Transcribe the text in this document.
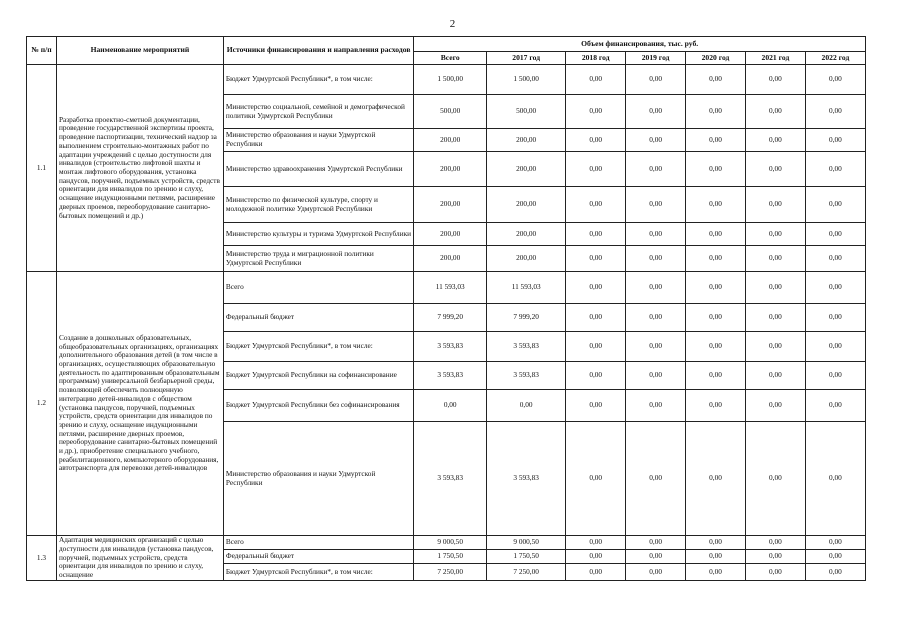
2
№ п/п	Наименование мероприятий	Источники финансирования и направления расходов	Объем финансирования, тыс. руб.						
			Всего	2017 год	2018 год	2019 год	2020 год	2021 год	2022 год
1.1	Разработка проектно-сметной документации, проведение государственной экспертизы проекта, проведение паспортизации, технический надзор за выполнением строительно-монтажных работ по адаптации учреждений с целью доступности для инвалидов (строительство лифтовой шахты и монтаж лифтового оборудования, установка пандусов, поручней, подъемных устройств, средств ориентации для инвалидов по зрению и слуху, оснащение индукционными петлями, расширение дверных проемов, переоборудование санитарно-бытовых помещений и др.)	Бюджет Удмуртской Республики*, в том числе:	1 500,00	1 500,00	0,00	0,00	0,00	0,00	0,00
		Министерство социальной, семейной и демографической политики Удмуртской Республики	500,00	500,00	0,00	0,00	0,00	0,00	0,00
		Министерство образования и науки Удмуртской Республики	200,00	200,00	0,00	0,00	0,00	0,00	0,00
		Министерство здравоохранения Удмуртской Республики	200,00	200,00	0,00	0,00	0,00	0,00	0,00
		Министерство по физической культуре, спорту и молодежной политике Удмуртской Республики	200,00	200,00	0,00	0,00	0,00	0,00	0,00
		Министерство культуры и туризма Удмуртской Республики	200,00	200,00	0,00	0,00	0,00	0,00	0,00
		Министерство труда и миграционной политики Удмуртской Республики	200,00	200,00	0,00	0,00	0,00	0,00	0,00
1.2	Создание в дошкольных образовательных, общеобразовательных организациях, организациях дополнительного образования детей (в том числе в организациях, осуществляющих образовательную деятельность по адаптированным образовательным программам) универсальной безбарьерной среды, позволяющей обеспечить полноценную интеграцию детей-инвалидов с обществом (установка пандусов, поручней, подъемных устройств, средств ориентации для инвалидов по зрению и слуху, оснащение индукционными петлями, расширение дверных проемов, переоборудование санитарно-бытовых помещений и др.), приобретение специального учебного, реабилитационного, компьютерного оборудования, автотранспорта для перевозки детей-инвалидов	Всего	11 593,03	11 593,03	0,00	0,00	0,00	0,00	0,00
		Федеральный бюджет	7 999,20	7 999,20	0,00	0,00	0,00	0,00	0,00
		Бюджет Удмуртской Республики*, в том числе:	3 593,83	3 593,83	0,00	0,00	0,00	0,00	0,00
		Бюджет Удмуртской Республики на софинансирование	3 593,83	3 593,83	0,00	0,00	0,00	0,00	0,00
		Бюджет Удмуртской Республики без софинансирования	0,00	0,00	0,00	0,00	0,00	0,00	0,00
		Министерство образования и науки Удмуртской Республики	3 593,83	3 593,83	0,00	0,00	0,00	0,00	0,00
1.3	Адаптация медицинских организаций с целью доступности для инвалидов (установка пандусов, поручней, подъемных устройств, средств ориентации для инвалидов по зрению и слуху, оснащение	Всего	9 000,50	9 000,50	0,00	0,00	0,00	0,00	0,00
		Федеральный бюджет	1 750,50	1 750,50	0,00	0,00	0,00	0,00	0,00
		Бюджет Удмуртской Республики*, в том числе:	7 250,00	7 250,00	0,00	0,00	0,00	0,00	0,00
